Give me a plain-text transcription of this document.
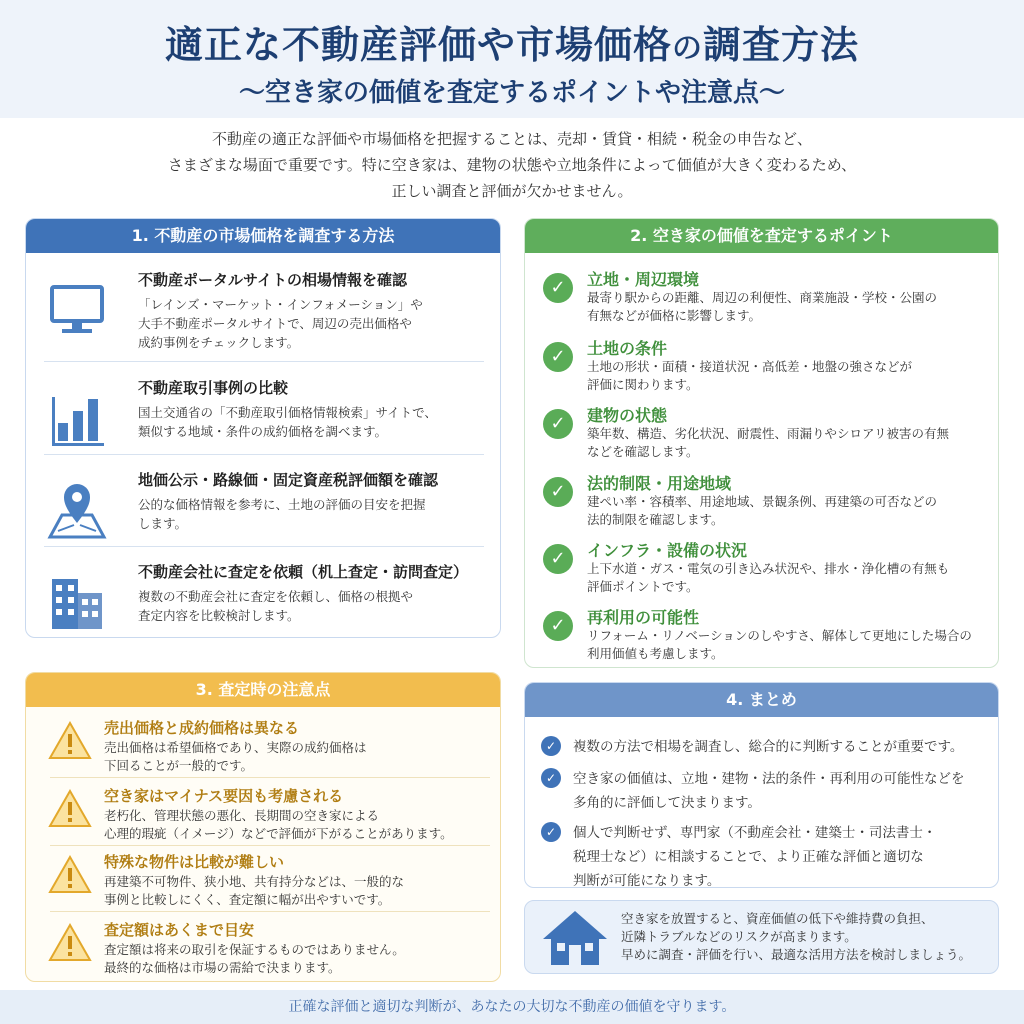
適正な不動産評価や市場価格の調査方法
〜空き家の価値を査定するポイントや注意点〜
不動産の適正な評価や市場価格を把握することは、売却・賃貸・相続・税金の申告など、
さまざまな場面で重要です。特に空き家は、建物の状態や立地条件によって価値が大きく変わるため、
正しい調査と評価が欠かせません。
1. 不動産の市場価格を調査する方法
不動産ポータルサイトの相場情報を確認
「レインズ・マーケット・インフォメーション」や
大手不動産ポータルサイトで、周辺の売出価格や
成約事例をチェックします。
不動産取引事例の比較
国土交通省の「不動産取引価格情報検索」サイトで、
類似する地域・条件の成約価格を調べます。
地価公示・路線価・固定資産税評価額を確認
公的な価格情報を参考に、土地の評価の目安を把握
します。
不動産会社に査定を依頼（机上査定・訪問査定）
複数の不動産会社に査定を依頼し、価格の根拠や
査定内容を比較検討します。
2. 空き家の価値を査定するポイント
✓	立地・周辺環境
最寄り駅からの距離、周辺の利便性、商業施設・学校・公園の
有無などが価格に影響します。
✓	土地の条件
土地の形状・面積・接道状況・高低差・地盤の強さなどが
評価に関わります。
✓	建物の状態
築年数、構造、劣化状況、耐震性、雨漏りやシロアリ被害の有無
などを確認します。
✓	法的制限・用途地域
建ぺい率・容積率、用途地域、景観条例、再建築の可否などの
法的制限を確認します。
✓	インフラ・設備の状況
上下水道・ガス・電気の引き込み状況や、排水・浄化槽の有無も
評価ポイントです。
✓	再利用の可能性
リフォーム・リノベーションのしやすさ、解体して更地にした場合の
利用価値も考慮します。
3. 査定時の注意点
売出価格と成約価格は異なる
売出価格は希望価格であり、実際の成約価格は
下回ることが一般的です。
空き家はマイナス要因も考慮される
老朽化、管理状態の悪化、長期間の空き家による
心理的瑕疵（イメージ）などで評価が下がることがあります。
特殊な物件は比較が難しい
再建築不可物件、狭小地、共有持分などは、一般的な
事例と比較しにくく、査定額に幅が出やすいです。
査定額はあくまで目安
査定額は将来の取引を保証するものではありません。
最終的な価格は市場の需給で決まります。
4. まとめ
✓	複数の方法で相場を調査し、総合的に判断することが重要です。
✓	空き家の価値は、立地・建物・法的条件・再利用の可能性などを
多角的に評価して決まります。
✓	個人で判断せず、専門家（不動産会社・建築士・司法書士・
税理士など）に相談することで、より正確な評価と適切な
判断が可能になります。
空き家を放置すると、資産価値の低下や維持費の負担、
近隣トラブルなどのリスクが高まります。
早めに調査・評価を行い、最適な活用方法を検討しましょう。
正確な評価と適切な判断が、あなたの大切な不動産の価値を守ります。
